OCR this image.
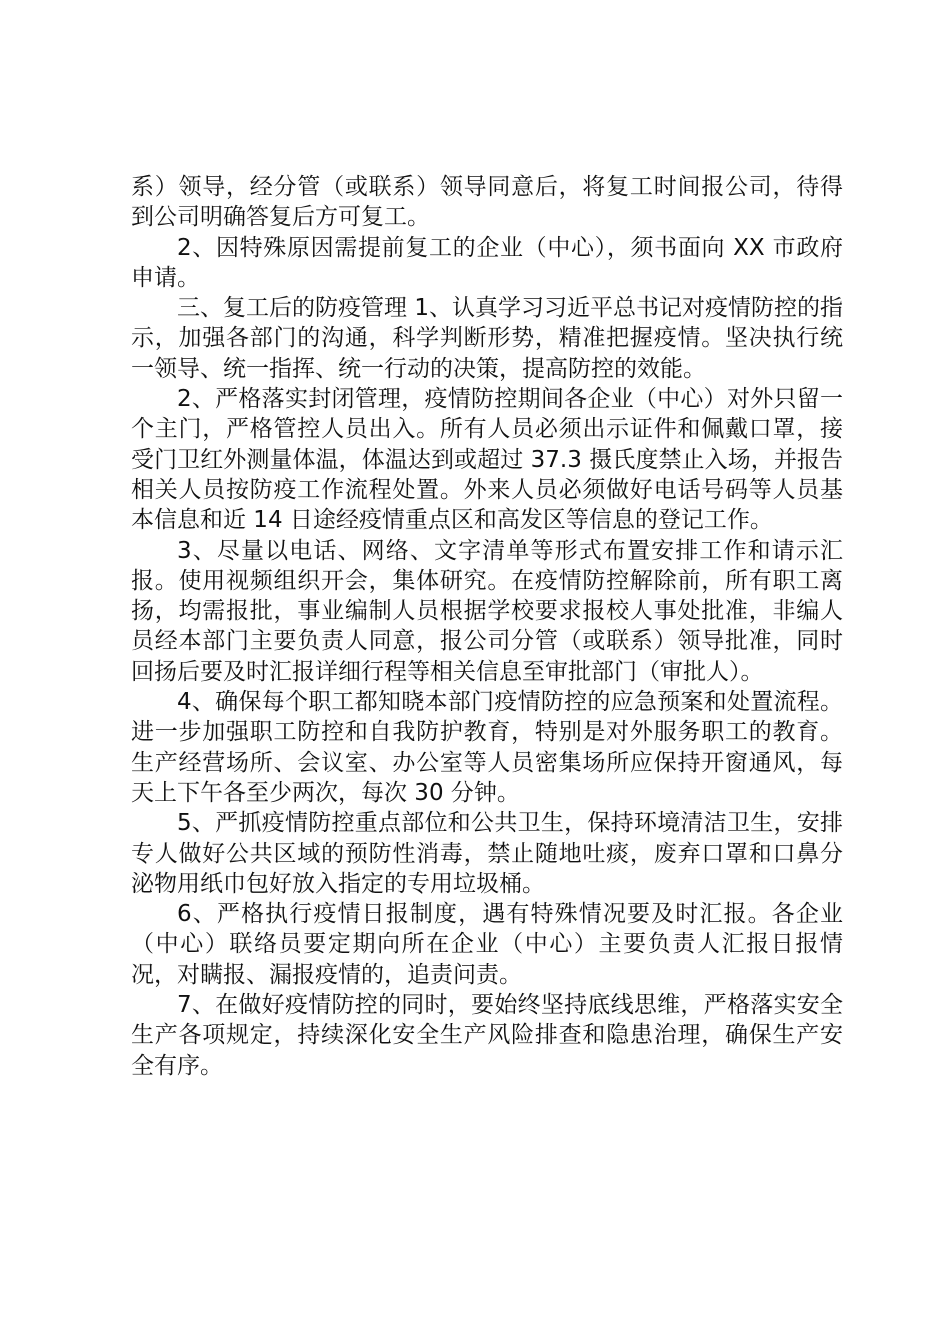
系）领导，经分管（或联系）领导同意后，将复工时间报公司，待得到公司明确答复后方可复工。

2、因特殊原因需提前复工的企业（中心），须书面向 XX 市政府申请。

三、复工后的防疫管理 1、认真学习习近平总书记对疫情防控的指示，加强各部门的沟通，科学判断形势，精准把握疫情。坚决执行统一领导、统一指挥、统一行动的决策，提高防控的效能。

2、严格落实封闭管理，疫情防控期间各企业（中心）对外只留一个主门，严格管控人员出入。所有人员必须出示证件和佩戴口罩，接受门卫红外测量体温，体温达到或超过 37.3 摄氏度禁止入场，并报告相关人员按防疫工作流程处置。外来人员必须做好电话号码等人员基本信息和近 14 日途经疫情重点区和高发区等信息的登记工作。

3、尽量以电话、网络、文字清单等形式布置安排工作和请示汇报。使用视频组织开会，集体研究。在疫情防控解除前，所有职工离扬，均需报批，事业编制人员根据学校要求报校人事处批准，非编人员经本部门主要负责人同意，报公司分管（或联系）领导批准，同时回扬后要及时汇报详细行程等相关信息至审批部门（审批人）。

4、确保每个职工都知晓本部门疫情防控的应急预案和处置流程。进一步加强职工防控和自我防护教育，特别是对外服务职工的教育。生产经营场所、会议室、办公室等人员密集场所应保持开窗通风，每天上下午各至少两次，每次 30 分钟。

5、严抓疫情防控重点部位和公共卫生，保持环境清洁卫生，安排专人做好公共区域的预防性消毒，禁止随地吐痰，废弃口罩和口鼻分泌物用纸巾包好放入指定的专用垃圾桶。

6、严格执行疫情日报制度，遇有特殊情况要及时汇报。各企业（中心）联络员要定期向所在企业（中心）主要负责人汇报日报情况，对瞒报、漏报疫情的，追责问责。

7、在做好疫情防控的同时，要始终坚持底线思维，严格落实安全生产各项规定，持续深化安全生产风险排查和隐患治理，确保生产安全有序。
